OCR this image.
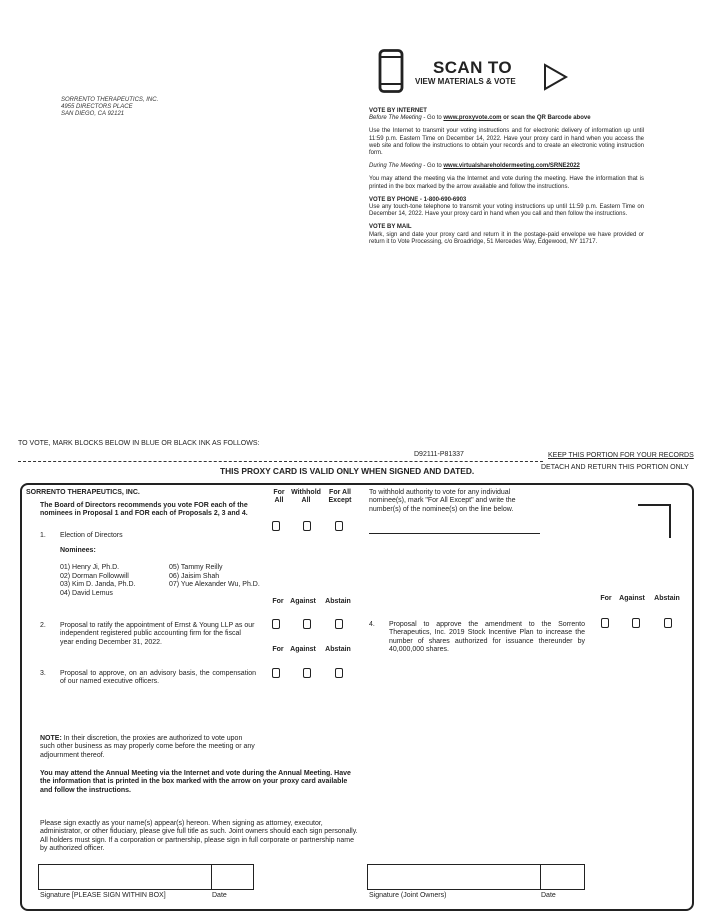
SORRENTO THERAPEUTICS, INC.
4955 DIRECTORS PLACE
SAN DIEGO, CA 92121
SCAN TO
VIEW MATERIALS & VOTE
VOTE BY INTERNET
Before The Meeting - Go to www.proxyvote.com or scan the QR Barcode above
Use the Internet to transmit your voting instructions and for electronic delivery of information up until 11:59 p.m. Eastern Time on December 14, 2022. Have your proxy card in hand when you access the web site and follow the instructions to obtain your records and to create an electronic voting instruction form.
During The Meeting - Go to www.virtualshareholdermeeting.com/SRNE2022
You may attend the meeting via the Internet and vote during the meeting. Have the information that is printed in the box marked by the arrow available and follow the instructions.
VOTE BY PHONE - 1-800-690-6903
Use any touch-tone telephone to transmit your voting instructions up until 11:59 p.m. Eastern Time on December 14, 2022. Have your proxy card in hand when you call and then follow the instructions.
VOTE BY MAIL
Mark, sign and date your proxy card and return it in the postage-paid envelope we have provided or return it to Vote Processing, c/o Broadridge, 51 Mercedes Way, Edgewood, NY 11717.
TO VOTE, MARK BLOCKS BELOW IN BLUE OR BLACK INK AS FOLLOWS:
D92111-P81337	KEEP THIS PORTION FOR YOUR RECORDS
THIS PROXY CARD IS VALID ONLY WHEN SIGNED AND DATED.	DETACH AND RETURN THIS PORTION ONLY
SORRENTO THERAPEUTICS, INC.
The Board of Directors recommends you vote FOR each of the nominees in Proposal 1 and FOR each of Proposals 2, 3 and 4.
For All
Withhold All
For All Except
To withhold authority to vote for any individual nominee(s), mark "For All Except" and write the number(s) of the nominee(s) on the line below.
1. Election of Directors
Nominees:
01) Henry Ji, Ph.D.
02) Dorman Followwill
03) Kim D. Janda, Ph.D.
04) David Lemus
05) Tammy Reilly
06) Jaisim Shah
07) Yue Alexander Wu, Ph.D.
For Against	Abstain
2. Proposal to ratify the appointment of Ernst & Young LLP as our independent registered public accounting firm for the fiscal year ending December 31, 2022.
For Against	Abstain
3. Proposal to approve, on an advisory basis, the compensation of our named executive officers.
For	Against	Abstain
4. Proposal to approve the amendment to the Sorrento Therapeutics, Inc. 2019 Stock Incentive Plan to increase the number of shares authorized for issuance thereunder by 40,000,000 shares.
NOTE: In their discretion, the proxies are authorized to vote upon such other business as may properly come before the meeting or any adjournment thereof.
You may attend the Annual Meeting via the Internet and vote during the Annual Meeting. Have the information that is printed in the box marked with the arrow on your proxy card available and follow the instructions.
Please sign exactly as your name(s) appear(s) hereon. When signing as attorney, executor, administrator, or other fiduciary, please give full title as such. Joint owners should each sign personally. All holders must sign. If a corporation or partnership, please sign in full corporate or partnership name by authorized officer.
Signature [PLEASE SIGN WITHIN BOX]	Date	Signature (Joint Owners)	Date
